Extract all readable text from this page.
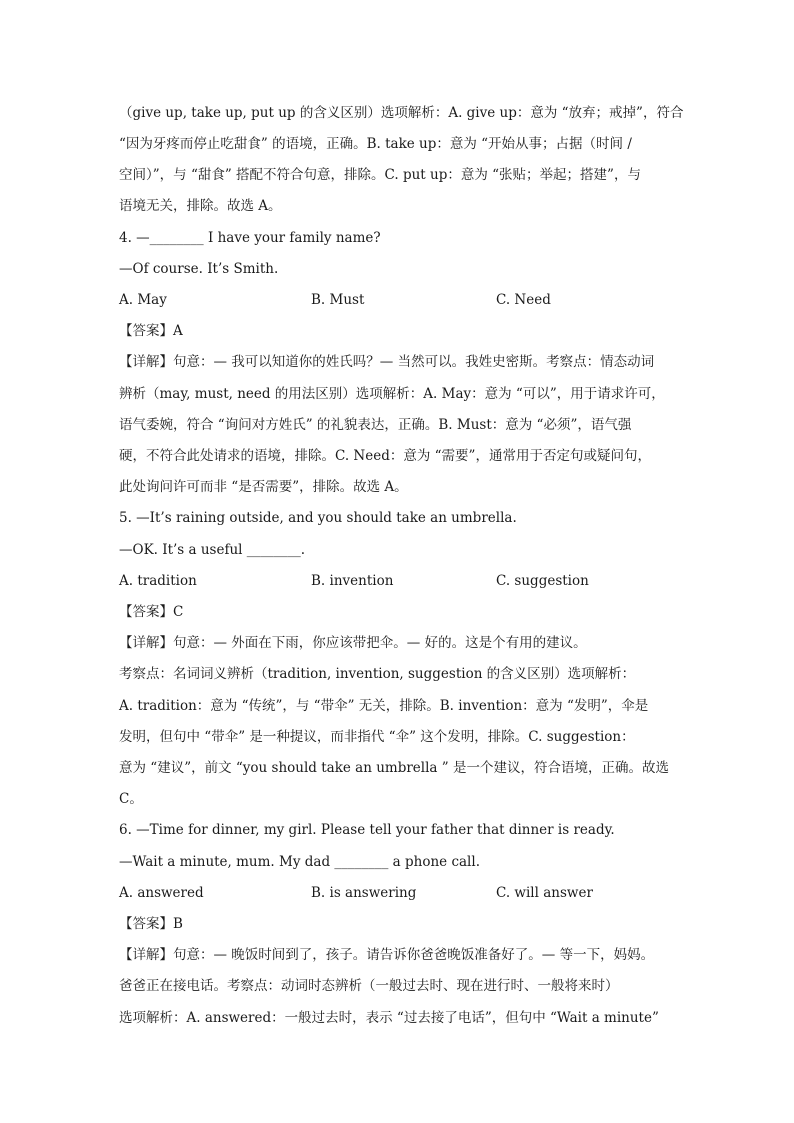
（give up, take up, put up 的含义区别）选项解析：A. give up：意为 “放弃；戒掉”，符合
“因为牙疼而停止吃甜食” 的语境，正确。B. take up：意为 “开始从事；占据（时间 /
空间）”，与 “甜食” 搭配不符合句意，排除。C. put up：意为 “张贴；举起；搭建”，与
语境无关，排除。故选 A。
4. —________ I have your family name?
—Of course. It’s Smith.
A. May	B. Must	C. Need
【答案】A
【详解】句意：— 我可以知道你的姓氏吗？— 当然可以。我姓史密斯。考察点：情态动词
辨析（may, must, need 的用法区别）选项解析：A. May：意为 “可以”，用于请求许可，
语气委婉，符合 “询问对方姓氏” 的礼貌表达，正确。B. Must：意为 “必须”，语气强
硬，不符合此处请求的语境，排除。C. Need：意为 “需要”，通常用于否定句或疑问句，
此处询问许可而非 “是否需要”，排除。故选 A。
5. —It’s raining outside, and you should take an umbrella.
—OK. It’s a useful ________.
A. tradition	B. invention	C. suggestion
【答案】C
【详解】句意：— 外面在下雨，你应该带把伞。— 好的。这是个有用的建议。
考察点：名词词义辨析（tradition, invention, suggestion 的含义区别）选项解析：
A. tradition：意为 “传统”，与 “带伞” 无关，排除。B. invention：意为 “发明”，伞是
发明，但句中 “带伞” 是一种提议，而非指代 “伞” 这个发明，排除。C. suggestion：
意为 “建议”，前文 “you should take an umbrella ” 是一个建议，符合语境，正确。故选
C。
6. —Time for dinner, my girl. Please tell your father that dinner is ready.
—Wait a minute, mum. My dad ________ a phone call.
A. answered	B. is answering	C. will answer
【答案】B
【详解】句意：— 晚饭时间到了，孩子。请告诉你爸爸晚饭准备好了。— 等一下，妈妈。
爸爸正在接电话。考察点：动词时态辨析（一般过去时、现在进行时、一般将来时）
选项解析：A. answered：一般过去时，表示 “过去接了电话”，但句中 “Wait a minute”
